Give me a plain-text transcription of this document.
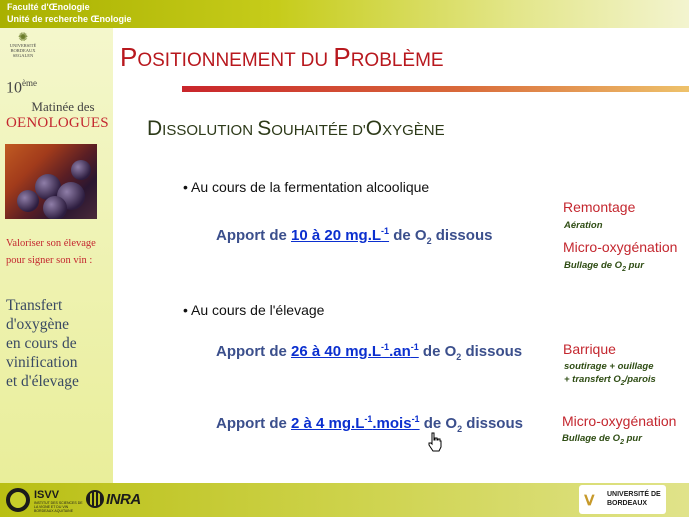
Faculté d'Œnologie
Unité de recherche Œnologie
✺
UNIVERSITÉ
BORDEAUX
SEGALEN
10ème
Matinée des
OENOLOGUES
Valoriser son élevage
pour signer son vin :
Transfert
d'oxygène
en cours de
vinification
et d'élevage
POSITIONNEMENT DU PROBLÈME
DISSOLUTION SOUHAITÉE D'OXYGÈNE
• Au cours de la fermentation alcoolique
Apport de 10 à 20 $mg.L^{-1}$ de $O_2$ dissous
Remontage
Aération
Micro-oxygénation
Bullage de $O_2$ pur
• Au cours de l'élevage
Apport de 26 à 40 $mg.L^{-1}.an^{-1}$ de $O_2$ dissous	Barrique
soutirage + ouillage
+ transfert $O_2$/parois
Apport de 2 à 4 $mg.L^{-1}.mois^{-1}$ de $O_2$ dissous	Micro-oxygénation
Bullage de $O_2$ pur
ISVV
INSTITUT DES SCIENCES DE LA VIGNE ET DU VIN BORDEAUX AQUITAINE
INRA	ⅴ UNIVERSITÉ DE
BORDEAUX
